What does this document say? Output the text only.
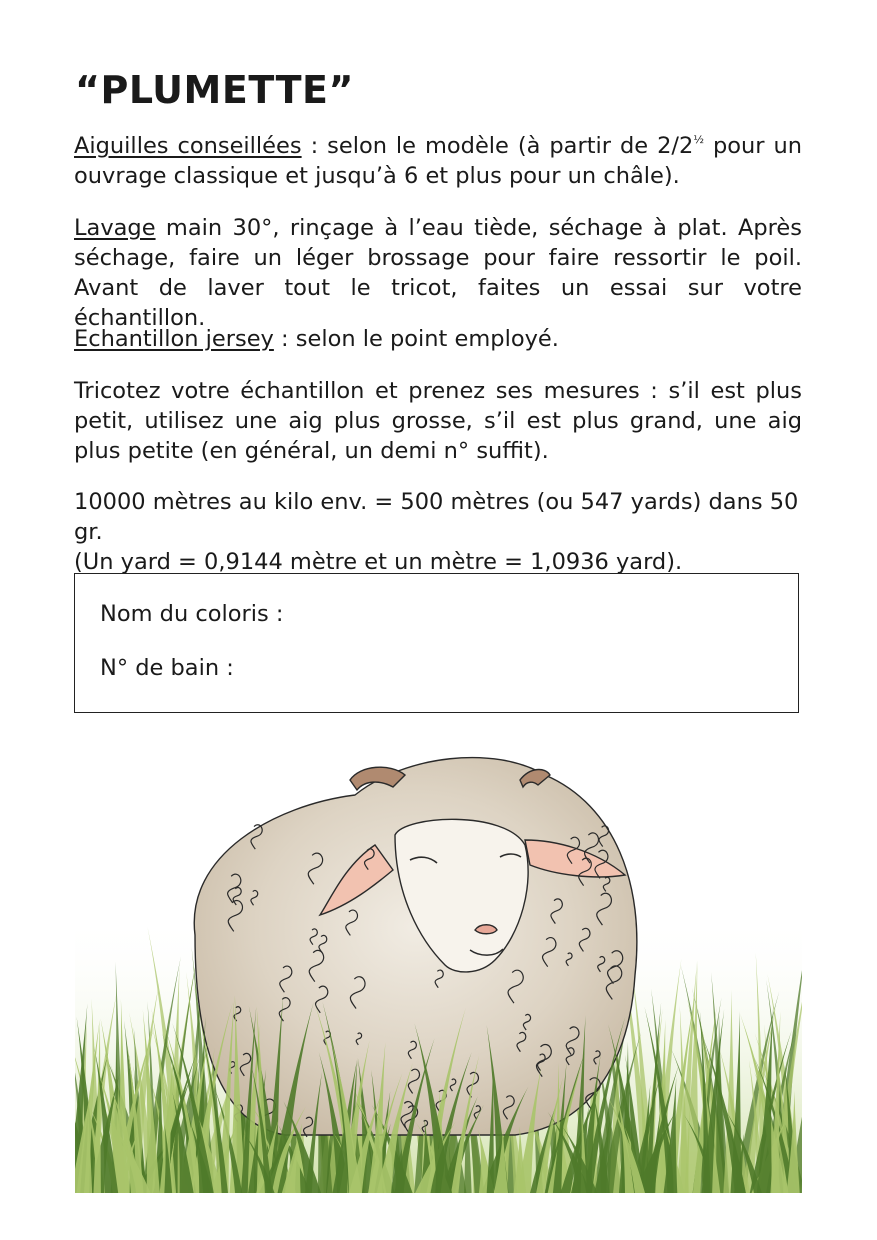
“PLUMETTE”

Aiguilles conseillées : selon le modèle (à partir de $2/2^{\frac{1}{2}}$ pour un ouvrage classique et jusqu’à 6 et plus pour un châle).

Lavage main 30°, rinçage à l’eau tiède, séchage à plat. Après séchage, faire un léger brossage pour faire ressortir le poil. Avant de laver tout le tricot, faites un essai sur votre échantillon.

Echantillon jersey : selon le point employé.

Tricotez votre échantillon et prenez ses mesures : s’il est plus petit, utilisez une aig plus grosse, s’il est plus grand, une aig plus petite (en général, un demi n° suffit).

10000 mètres au kilo env. = 500 mètres (ou 547 yards) dans 50 gr.
(Un yard = 0,9144 mètre et un mètre = 1,0936 yard).

Nom du coloris :

N° de bain :
